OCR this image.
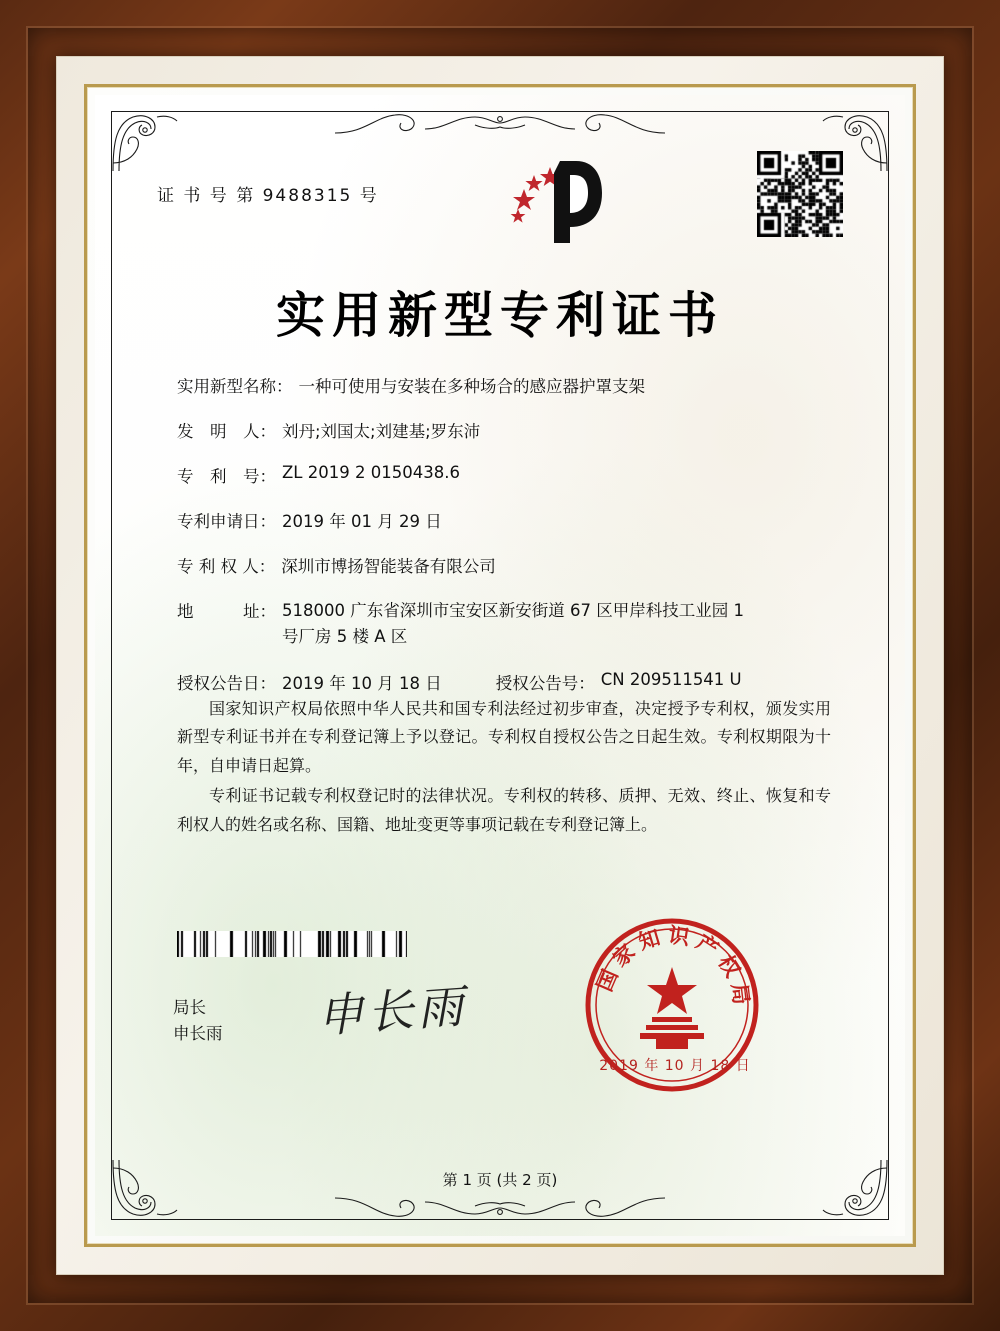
证 书 号 第 9488315 号
实用新型专利证书
实用新型名称： 一种可使用与安装在多种场合的感应器护罩支架
发　明　人： 刘丹;刘国太;刘建基;罗东沛
专　利　号： ZL 2019 2 0150438.6
专利申请日： 2019 年 01 月 29 日
专 利 权 人： 深圳市博扬智能装备有限公司
地　　　址： 518000 广东省深圳市宝安区新安街道 67 区甲岸科技工业园 1 号厂房 5 楼 A 区
授权公告日： 2019 年 10 月 18 日	授权公告号： CN 209511541 U

国家知识产权局依照中华人民共和国专利法经过初步审查，决定授予专利权，颁发实用新型专利证书并在专利登记簿上予以登记。专利权自授权公告之日起生效。专利权期限为十年，自申请日起算。

专利证书记载专利权登记时的法律状况。专利权的转移、质押、无效、终止、恢复和专利权人的姓名或名称、国籍、地址变更等事项记载在专利登记簿上。

局长
申长雨 申长雨
国家知识产权局
2019 年 10 月 18 日
第 1 页 (共 2 页)
